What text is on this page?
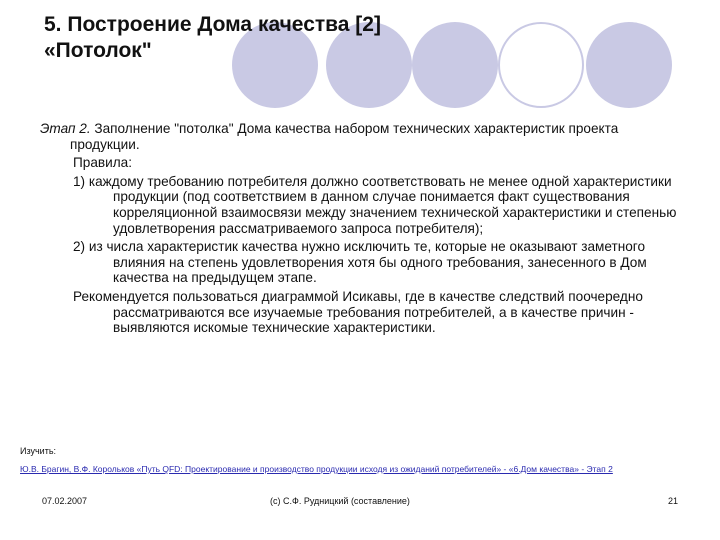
5. Построение Дома качества [2]
«Потолок"

Этап 2. Заполнение "потолка" Дома качества набором технических характеристик проекта продукции.

Правила:

1) каждому требованию потребителя должно соответствовать не менее одной характеристики продукции (под соответствием в данном случае понимается факт существования корреляционной взаимосвязи между значением технической характеристики и степенью удовлетворения рассматриваемого запроса потребителя);

2) из числа характеристик качества нужно исключить те, которые не оказывают заметного влияния на степень удовлетворения хотя бы одного требования, занесенного в Дом качества на предыдущем этапе.

Рекомендуется пользоваться диаграммой Исикавы, где в качестве следствий поочередно рассматриваются все изучаемые требования потребителей, а в качестве причин - выявляются искомые технические характеристики.

Изучить:
Ю.В. Брагин, В.Ф. Корольков «Путь QFD: Проектирование и производство продукции исходя из ожиданий потребителей» - «6.Дом качества» - Этап 2
07.02.2007	(c) С.Ф. Рудницкий (составление)	21
